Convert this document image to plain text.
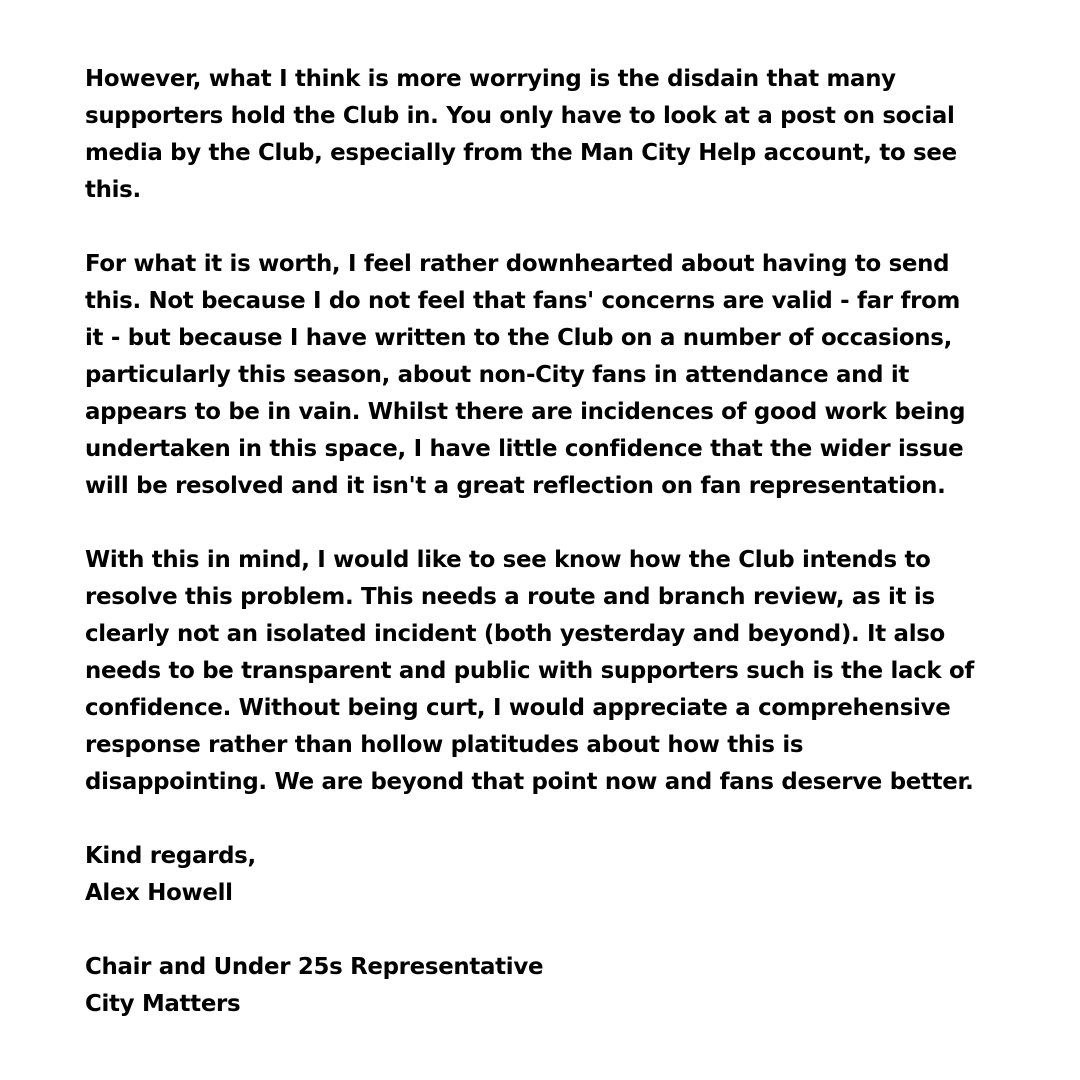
However, what I think is more worrying is the disdain that many
supporters hold the Club in. You only have to look at a post on social
media by the Club, especially from the Man City Help account, to see
this.
For what it is worth, I feel rather downhearted about having to send
this. Not because I do not feel that fans' concerns are valid - far from
it - but because I have written to the Club on a number of occasions,
particularly this season, about non-City fans in attendance and it
appears to be in vain. Whilst there are incidences of good work being
undertaken in this space, I have little confidence that the wider issue
will be resolved and it isn't a great reflection on fan representation.
With this in mind, I would like to see know how the Club intends to
resolve this problem. This needs a route and branch review, as it is
clearly not an isolated incident (both yesterday and beyond). It also
needs to be transparent and public with supporters such is the lack of
confidence. Without being curt, I would appreciate a comprehensive
response rather than hollow platitudes about how this is
disappointing. We are beyond that point now and fans deserve better.
Kind regards,
Alex Howell
Chair and Under 25s Representative
City Matters
